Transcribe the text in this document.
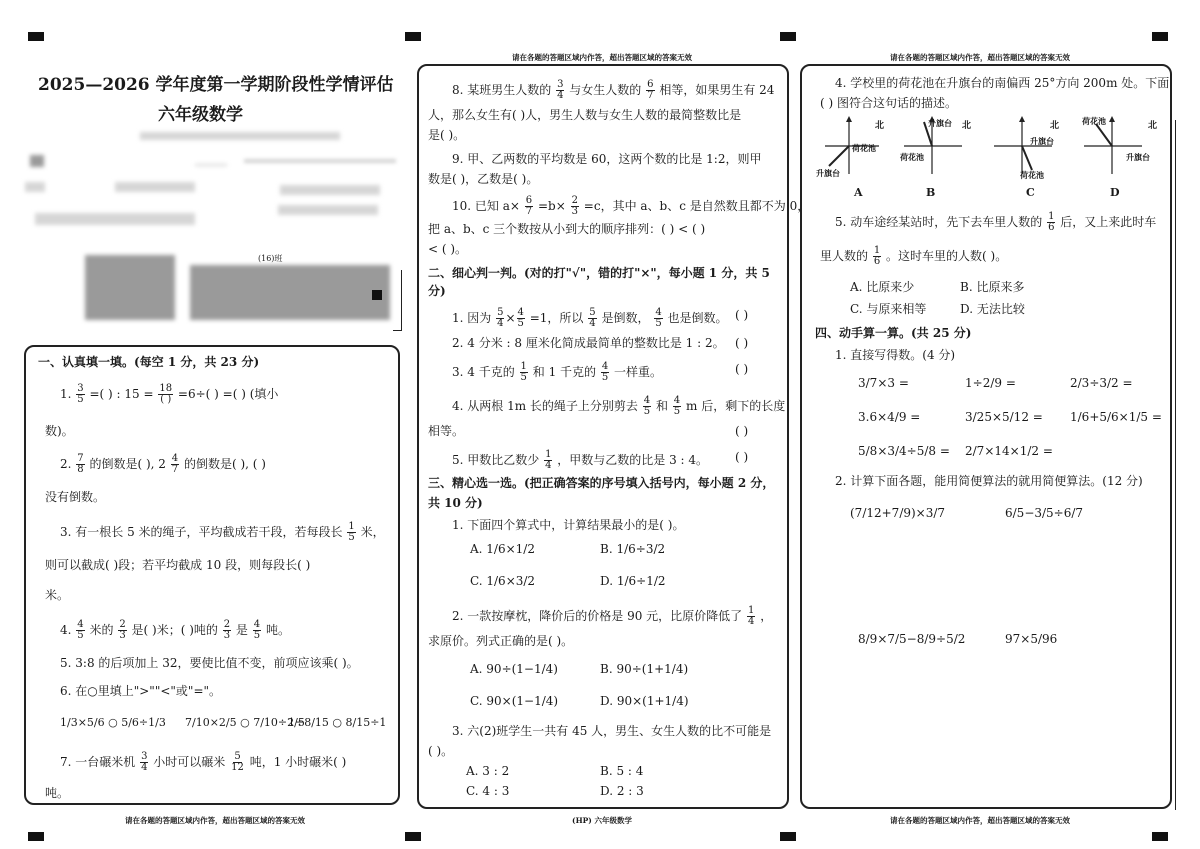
请在各题的答题区域内作答，超出答题区域的答案无效	请在各题的答题区域内作答，超出答题区域的答案无效
请在各题的答题区域内作答，超出答题区域的答案无效	(HP) 六年级数学	请在各题的答题区域内作答，超出答题区域的答案无效
2025—2026 学年度第一学期阶段性学情评估
六年级数学
(16)班
一、认真填一填。(每空 1 分，共 23 分)
1. $\frac{3}{5}$ =( ) : 15 = 18
( ) =6÷( ) =( ) (填小
数)。
2. $\frac{7}{8}$ 的倒数是( ), $2 \frac{4}{7}$ 的倒数是( ), ( )
没有倒数。
3. 有一根长 5 米的绳子，平均截成若干段，若每段长 $\frac{1}{5}$ 米，
则可以截成( )段；若平均截成 10 段，则每段长( )
米。
4. $\frac{4}{5}$ 米的 $\frac{2}{3}$ 是( )米；( )吨的 $\frac{2}{3}$ 是 $\frac{4}{5}$ 吨。
5. 3:8 的后项加上 32，要使比值不变，前项应该乘( )。
6. 在○里填上">""<"或"="。
1/3×5/6 ○ 5/6÷1/3 7/10×2/5 ○ 7/10÷2/5
1÷8/15 ○ 8/15÷1
7. 一台碾米机 $\frac{3}{4}$ 小时可以碾米 $\frac{5}{12}$ 吨，1 小时碾米( )
吨。
8. 某班男生人数的 $\frac{3}{4}$ 与女生人数的 $\frac{6}{7}$ 相等，如果男生有 24
人，那么女生有( )人，男生人数与女生人数的最简整数比是
是( )。
9. 甲、乙两数的平均数是 60，这两个数的比是 1:2，则甲
数是( )，乙数是( )。
10. 已知 $a\times \frac{6}{7} =b\times \frac{2}{3} =c$，其中 a、b、c 是自然数且都不为 0，
把 a、b、c 三个数按从小到大的顺序排列：( ) < ( )
< ( )。
二、细心判一判。(对的打"√"，错的打"×"，每小题 1 分，共 5
分)
1. 因为 $\frac{5}{4} \times \frac{4}{5} =1$，所以 $\frac{5}{4}$ 是倒数， $\frac{4}{5}$ 也是倒数。 ( )
2. 4 分米 : 8 厘米化简成最简单的整数比是 1 : 2。 ( )
3. 4 千克的 $\frac{1}{5}$ 和 1 千克的 $\frac{4}{5}$ 一样重。	( )
4. 从两根 1m 长的绳子上分别剪去 $\frac{4}{5}$ 和 $\frac{4}{5}$ m 后，剩下的长度
相等。	( )
5. 甲数比乙数少 $\frac{1}{4}$ ，甲数与乙数的比是 3 : 4。 ( )
三、精心选一选。(把正确答案的序号填入括号内，每小题 2 分，
共 10 分)
1. 下面四个算式中，计算结果最小的是( )。
A. 1/6×1/2	B. 1/6÷3/2
C. 1/6×3/2	D. 1/6÷1/2
2. 一款按摩枕，降价后的价格是 90 元，比原价降低了 $\frac{1}{4}$ ，
求原价。列式正确的是( )。
A. 90÷(1−1/4)	B. 90÷(1+1/4)
C. 90×(1−1/4)	D. 90×(1+1/4)
3. 六(2)班学生一共有 45 人，男生、女生人数的比不可能是
( )。
A. 3 : 2	B. 5 : 4
C. 4 : 3	D. 2 : 3
4. 学校里的荷花池在升旗台的南偏西 25°方向 200m 处。下面
( ) 图符合这句话的描述。
北
荷花池
升旗台
A
北
升旗台
荷花池
B
北
升旗台
荷花池
C
北
荷花池
升旗台
D
5. 动车途经某站时，先下去车里人数的 $\frac{1}{6}$ 后，又上来此时车
里人数的 $\frac{1}{6}$ 。这时车里的人数( )。
A. 比原来少	B. 比原来多
C. 与原来相等	D. 无法比较
四、动手算一算。(共 25 分)
1. 直接写得数。(4 分)
3/7×3 =	1÷2/9 =	2/3÷3/2 =
3.6×4/9 =	3/25×5/12 = 1/6+5/6×1/5 =
5/8×3/4÷5/8 = 2/7×14×1/2 =
2. 计算下面各题，能用简便算法的就用简便算法。(12 分)
(7/12+7/9)×3/7	6/5−3/5÷6/7
8/9×7/5−8/9÷5/2	97×5/96
